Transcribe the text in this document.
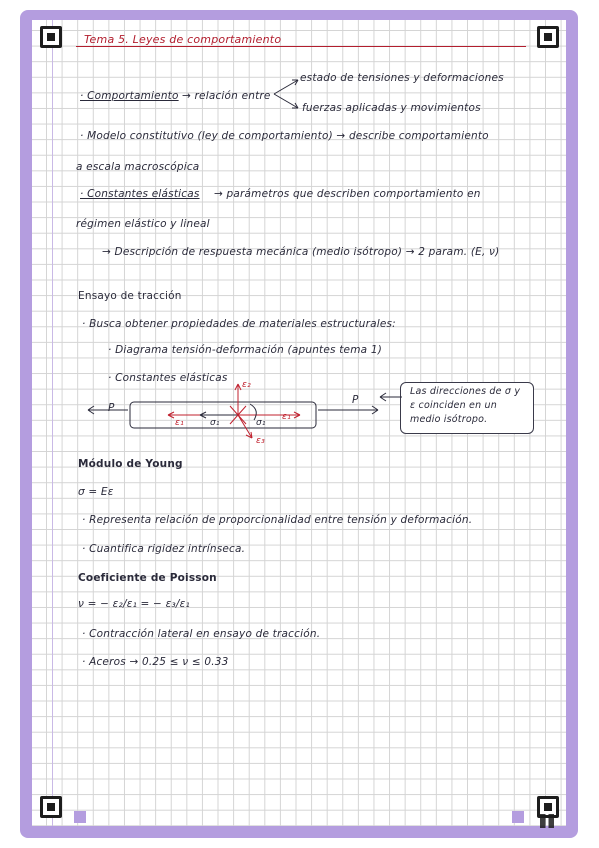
Tema 5. Leyes de comportamiento
· Comportamiento → relación entre
estado de tensiones y deformaciones
fuerzas aplicadas y movimientos
· Modelo constitutivo (ley de comportamiento) → describe comportamiento
a escala macroscópica
· Constantes elásticas → parámetros que describen comportamiento en
régimen elástico y lineal
→ Descripción de respuesta mecánica (medio isótropo) → 2 param. (E, ν)
Ensayo de tracción
· Busca obtener propiedades de materiales estructurales:
· Diagrama tensión-deformación (apuntes tema 1)
· Constantes elásticas
P
P
ε₁	σ₁	σ₁
ε₁
ε₂
ε₃
Las direcciones de σ y
ε coinciden en un
medio isótropo.
Módulo de Young
σ = Eε
· Representa relación de proporcionalidad entre tensión y deformación.
· Cuantifica rigidez intrínseca.
Coeficiente de Poisson
ν = − ε₂/ε₁ = − ε₃/ε₁
· Contracción lateral en ensayo de tracción.
· Aceros → 0.25 ≤ ν ≤ 0.33
